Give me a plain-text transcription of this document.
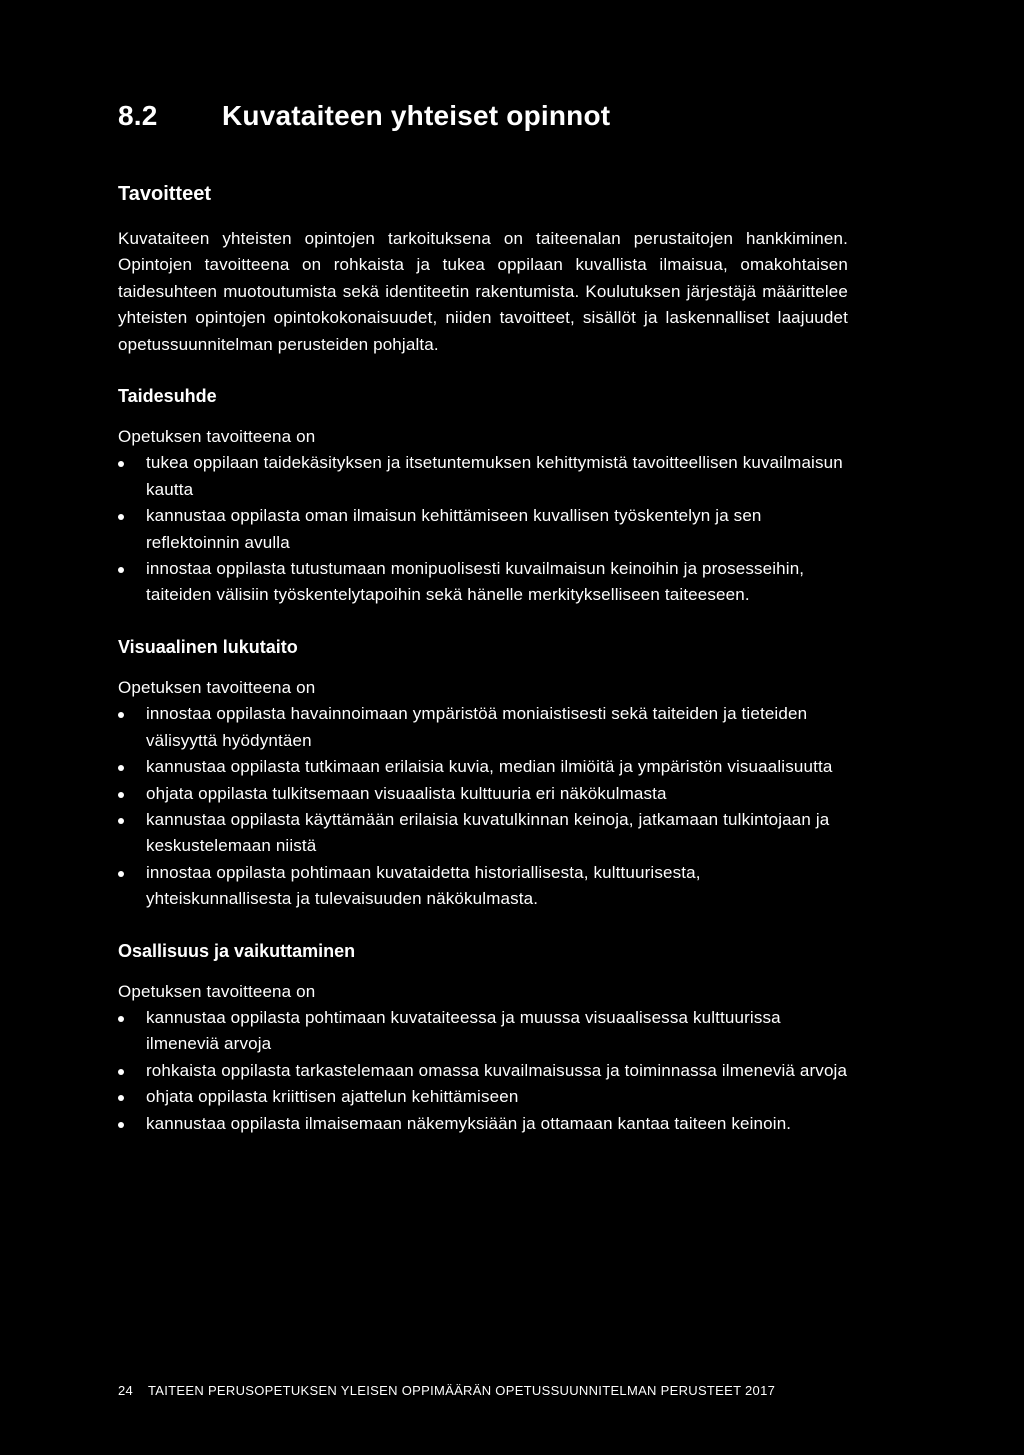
8.2	Kuvataiteen yhteiset opinnot
Tavoitteet

Kuvataiteen yhteisten opintojen tarkoituksena on taiteenalan perustaitojen hankkiminen. Opintojen tavoitteena on rohkaista ja tukea oppilaan kuvallista ilmaisua, omakohtaisen taidesuhteen muotoutumista sekä identiteetin rakentumista. Koulutuksen järjestäjä määrittelee yhteisten opintojen opintokokonaisuudet, niiden tavoitteet, sisällöt ja laskennalliset laajuudet opetussuunnitelman perusteiden pohjalta.

Taidesuhde

Opetuksen tavoitteena on

tukea oppilaan taidekäsityksen ja itsetuntemuksen kehittymistä tavoitteellisen kuvailmaisun kautta
kannustaa oppilasta oman ilmaisun kehittämiseen kuvallisen työskentelyn ja sen reflektoinnin avulla
innostaa oppilasta tutustumaan monipuolisesti kuvailmaisun keinoihin ja prosesseihin, taiteiden välisiin työskentelytapoihin sekä hänelle merkitykselliseen taiteeseen.
Visuaalinen lukutaito

Opetuksen tavoitteena on

innostaa oppilasta havainnoimaan ympäristöä moniaistisesti sekä taiteiden ja tieteiden välisyyttä hyödyntäen
kannustaa oppilasta tutkimaan erilaisia kuvia, median ilmiöitä ja ympäristön visuaalisuutta
ohjata oppilasta tulkitsemaan visuaalista kulttuuria eri näkökulmasta
kannustaa oppilasta käyttämään erilaisia kuvatulkinnan keinoja, jatkamaan tulkintojaan ja keskustelemaan niistä
innostaa oppilasta pohtimaan kuvataidetta historiallisesta, kulttuurisesta, yhteiskunnallisesta ja tulevaisuuden näkökulmasta.
Osallisuus ja vaikuttaminen

Opetuksen tavoitteena on

kannustaa oppilasta pohtimaan kuvataiteessa ja muussa visuaalisessa kulttuurissa ilmeneviä arvoja
rohkaista oppilasta tarkastelemaan omassa kuvailmaisussa ja toiminnassa ilmeneviä arvoja
ohjata oppilasta kriittisen ajattelun kehittämiseen
kannustaa oppilasta ilmaisemaan näkemyksiään ja ottamaan kantaa taiteen keinoin.
24	TAITEEN PERUSOPETUKSEN YLEISEN OPPIMÄÄRÄN OPETUSSUUNNITELMAN PERUSTEET 2017
